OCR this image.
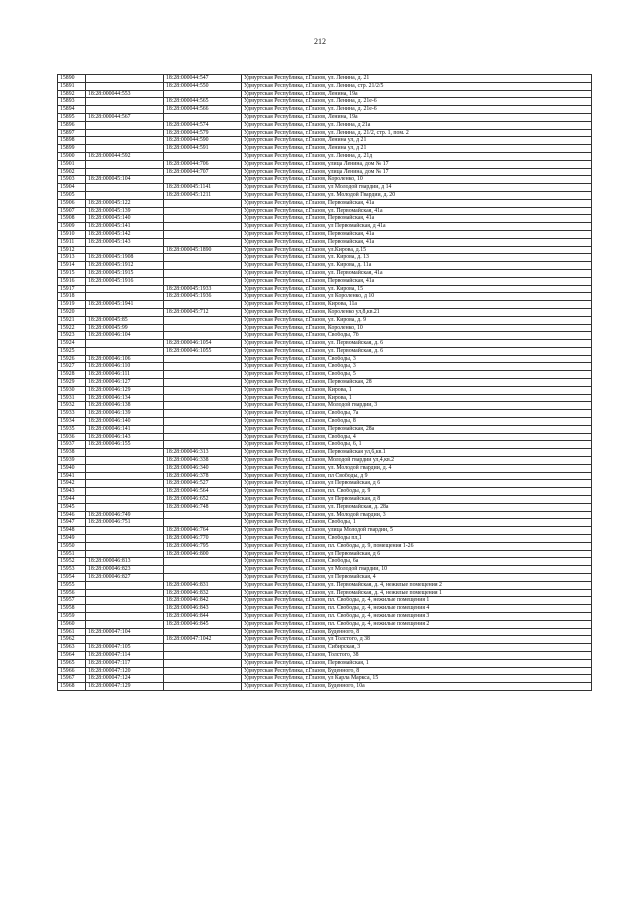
212
15890		18:28:000044:547	Удмуртская Республика, г.Глазов, ул. Ленина, д. 21
15891		18:28:000044:550	Удмуртская Республика, г.Глазов, ул. Ленина, стр. 21/2/5
15892	18:28:000044:553		Удмуртская Республика, г.Глазов, Ленина, 19а
15893		18:28:000044:565	Удмуртская Республика, г.Глазов, ул. Ленина, д. 21е-6
15894		18:28:000044:566	Удмуртская Республика, г.Глазов, ул. Ленина, д. 21е-6
15895	18:28:000044:567		Удмуртская Республика, г.Глазов, Ленина, 19а
15896		18:28:000044:574	Удмуртская Республика, г.Глазов, ул. Ленина, д 21а
15897		18:28:000044:579	Удмуртская Республика, г.Глазов, ул. Ленина, д. 21/2, стр. 1, пом. 2
15898		18:28:000044:590	Удмуртская Республика, г.Глазов, Ленина ул, д 21
15899		18:28:000044:591	Удмуртская Республика, г.Глазов, Ленина ул, д 21
15900	18:28:000044:592		Удмуртская Республика, г.Глазов, ул. Ленина, д. 21д
15901		18:28:000044:706	Удмуртская Республика, г.Глазов, улица Ленина, дом № 17
15902		18:28:000044:707	Удмуртская Республика, г.Глазов, улица Ленина, дом № 17
15903	18:28:000045:104		Удмуртская Республика, г.Глазов, Короленко, 10
15904		18:28:000045:1141	Удмуртская Республика, г.Глазов, ул Молодой гвардии, д 14
15905		18:28:000045:1211	Удмуртская Республика, г.Глазов, ул. Молодой Гвардии, д. 20
15906	18:28:000045:122		Удмуртская Республика, г.Глазов, Первомайская, 41а
15907	18:28:000045:139		Удмуртская Республика, г.Глазов, ул. Первомайская, 41а
15908	18:28:000045:140		Удмуртская Республика, г.Глазов, Первомайская, 41а
15909	18:28:000045:141		Удмуртская Республика, г.Глазов, ул Первомайская, д 41а
15910	18:28:000045:142		Удмуртская Республика, г.Глазов, Первомайская, 41а
15911	18:28:000045:143		Удмуртская Республика, г.Глазов, Первомайская, 41а
15912		18:28:000045:1890	Удмуртская Республика, г.Глазов, ул.Кирова, д.15
15913	18:28:000045:1908		Удмуртская Республика, г.Глазов, ул. Кирова, д. 13
15914	18:28:000045:1912		Удмуртская Республика, г.Глазов, ул. Кирова, д. 11а
15915	18:28:000045:1915		Удмуртская Республика, г.Глазов, ул. Первомайская, 41а
15916	18:28:000045:1916		Удмуртская Республика, г.Глазов, Первомайская, 41а
15917		18:28:000045:1933	Удмуртская Республика, г.Глазов, ул. Кирова, 15
15918		18:28:000045:1936	Удмуртская Республика, г.Глазов, ул Короленко, д 10
15919	18:28:000045:1941		Удмуртская Республика, г.Глазов, Кирова, 11а
15920		18:28:000045:712	Удмуртская Республика, г.Глазов, Короленко ул,8,кв.21
15921	18:28:000045:85		Удмуртская Республика, г.Глазов, ул. Кирова, д. 9
15922	18:28:000045:99		Удмуртская Республика, г.Глазов, Короленко, 10
15923	18:28:000046:104		Удмуртская Республика, г.Глазов, Свободы, 7б
15924		18:28:000046:1054	Удмуртская Республика, г.Глазов, ул. Первомайская, д. 6
15925		18:28:000046:1055	Удмуртская Республика, г.Глазов, ул. Первомайская, д. 6
15926	18:28:000046:106		Удмуртская Республика, г.Глазов, Свободы, 3
15927	18:28:000046:110		Удмуртская Республика, г.Глазов, Свободы, 3
15928	18:28:000046:111		Удмуртская Республика, г.Глазов, Свободы, 5
15929	18:28:000046:127		Удмуртская Республика, г.Глазов, Первомайская, 28
15930	18:28:000046:129		Удмуртская Республика, г.Глазов, Кирова, 1
15931	18:28:000046:134		Удмуртская Республика, г.Глазов, Кирова, 1
15932	18:28:000046:138		Удмуртская Республика, г.Глазов, Молодой гвардии, 3
15933	18:28:000046:139		Удмуртская Республика, г.Глазов, Свободы, 7а
15934	18:28:000046:140		Удмуртская Республика, г.Глазов, Свободы, 8
15935	18:28:000046:141		Удмуртская Республика, г.Глазов, Первомайская, 28а
15936	18:28:000046:143		Удмуртская Республика, г.Глазов, Свободы, 4
15937	18:28:000046:155		Удмуртская Республика, г.Глазов, Свободы, 6, 1
15938		18:28:000046:313	Удмуртская Республика, г.Глазов, Первомайская ул,6,кв.1
15939		18:28:000046:338	Удмуртская Республика, г.Глазов, Молодой гвардии ул,4,кв.2
15940		18:28:000046:340	Удмуртская Республика, г.Глазов, ул. Молодой гвардии, д. 4
15941		18:28:000046:378	Удмуртская Республика, г.Глазов, пл Свободы, д 9
15942		18:28:000046:527	Удмуртская Республика, г.Глазов, ул Первомайская, д 6
15943		18:28:000046:564	Удмуртская Республика, г.Глазов, пл. Свободы, д. 9
15944		18:28:000046:652	Удмуртская Республика, г.Глазов, ул Первомайская, д 8
15945		18:28:000046:748	Удмуртская Республика, г.Глазов, ул. Первомайская, д. 28а
15946	18:28:000046:749		Удмуртская Республика, г.Глазов, ул. Молодой гвардии, 3
15947	18:28:000046:751		Удмуртская Республика, г.Глазов, Свободы, 1
15948		18:28:000046:764	Удмуртская Республика, г.Глазов, улица Молодой гвардии, 5
15949		18:28:000046:770	Удмуртская Республика, г.Глазов, Свободы пл,1
15950		18:28:000046:795	Удмуртская Республика, г.Глазов, пл. Свободы, д. 9, помещения 1-26
15951		18:28:000046:800	Удмуртская Республика, г.Глазов, ул Первомайская, д 6
15952	18:28:000046:813		Удмуртская Республика, г.Глазов, Свободы, 6а
15953	18:28:000046:823		Удмуртская Республика, г.Глазов, ул Молодой гвардии, 10
15954	18:28:000046:827		Удмуртская Республика, г.Глазов, ул Первомайская, 4
15955		18:28:000046:831	Удмуртская Республика, г.Глазов, ул. Первомайская, д. 4, нежилые помещения 2
15956		18:28:000046:832	Удмуртская Республика, г.Глазов, ул. Первомайская, д. 4, нежилые помещения 1
15957		18:28:000046:842	Удмуртская Республика, г.Глазов, пл. Свободы, д. 4, нежилые помещения 1
15958		18:28:000046:843	Удмуртская Республика, г.Глазов, пл. Свободы, д. 4, нежилые помещения 4
15959		18:28:000046:844	Удмуртская Республика, г.Глазов, пл. Свободы, д. 4, нежилые помещения 3
15960		18:28:000046:845	Удмуртская Республика, г.Глазов, пл. Свободы, д. 4, нежилые помещения 2
15961	18:28:000047:104		Удмуртская Республика, г.Глазов, Буденного, 8
15962		18:28:000047:1042	Удмуртская Республика, г.Глазов, ул Толстого, д 38
15963	18:28:000047:105		Удмуртская Республика, г.Глазов, Сибирская, 3
15964	18:28:000047:114		Удмуртская Республика, г.Глазов, Толстого, 38
15965	18:28:000047:117		Удмуртская Республика, г.Глазов, Первомайская, 1
15966	18:28:000047:120		Удмуртская Республика, г.Глазов, Буденного, 8
15967	18:28:000047:124		Удмуртская Республика, г.Глазов, ул Карла Маркса, 15
15968	18:28:000047:129		Удмуртская Республика, г.Глазов, Буденного, 10а
